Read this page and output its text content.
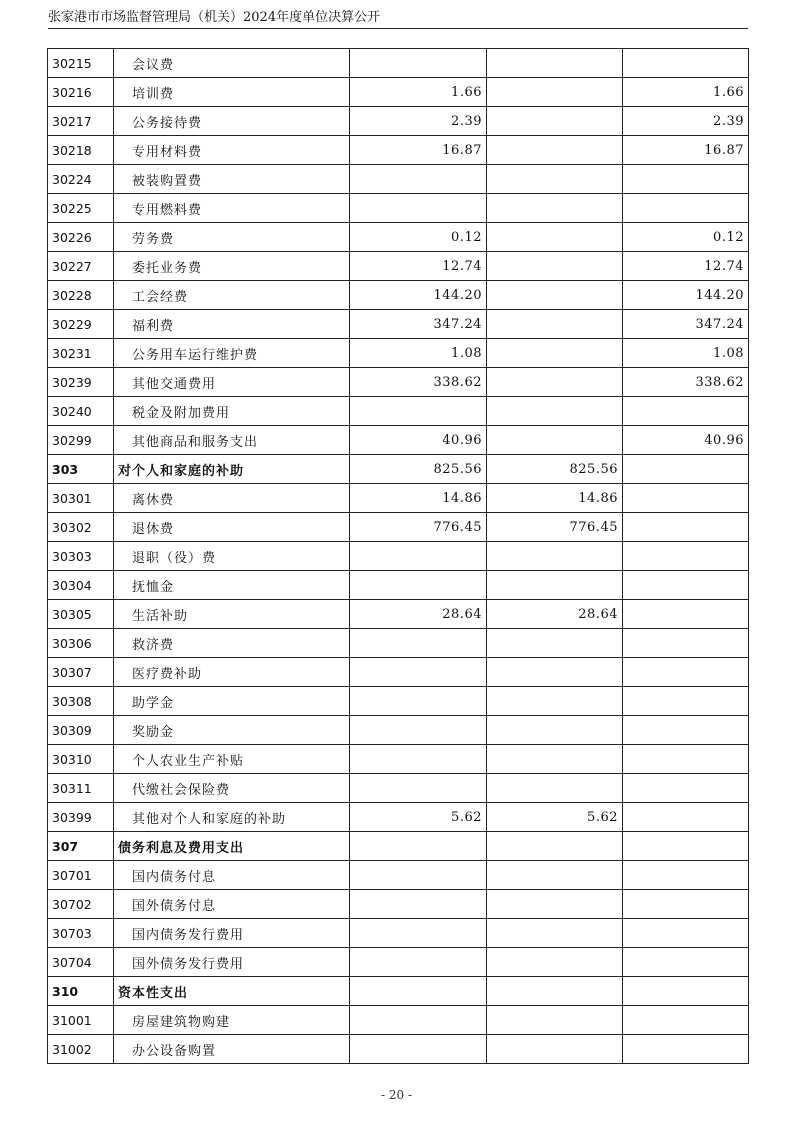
张家港市市场监督管理局（机关）2024年度单位决算公开
30215	会议费			
30216	培训费	1.66		1.66
30217	公务接待费	2.39		2.39
30218	专用材料费	16.87		16.87
30224	被装购置费			
30225	专用燃料费			
30226	劳务费	0.12		0.12
30227	委托业务费	12.74		12.74
30228	工会经费	144.20		144.20
30229	福利费	347.24		347.24
30231	公务用车运行维护费	1.08		1.08
30239	其他交通费用	338.62		338.62
30240	税金及附加费用			
30299	其他商品和服务支出	40.96		40.96
303	对个人和家庭的补助	825.56	825.56	
30301	离休费	14.86	14.86	
30302	退休费	776.45	776.45	
30303	退职（役）费			
30304	抚恤金			
30305	生活补助	28.64	28.64	
30306	救济费			
30307	医疗费补助			
30308	助学金			
30309	奖励金			
30310	个人农业生产补贴			
30311	代缴社会保险费			
30399	其他对个人和家庭的补助	5.62	5.62	
307	债务利息及费用支出			
30701	国内债务付息			
30702	国外债务付息			
30703	国内债务发行费用			
30704	国外债务发行费用			
310	资本性支出			
31001	房屋建筑物购建			
31002	办公设备购置			
- 20 -
